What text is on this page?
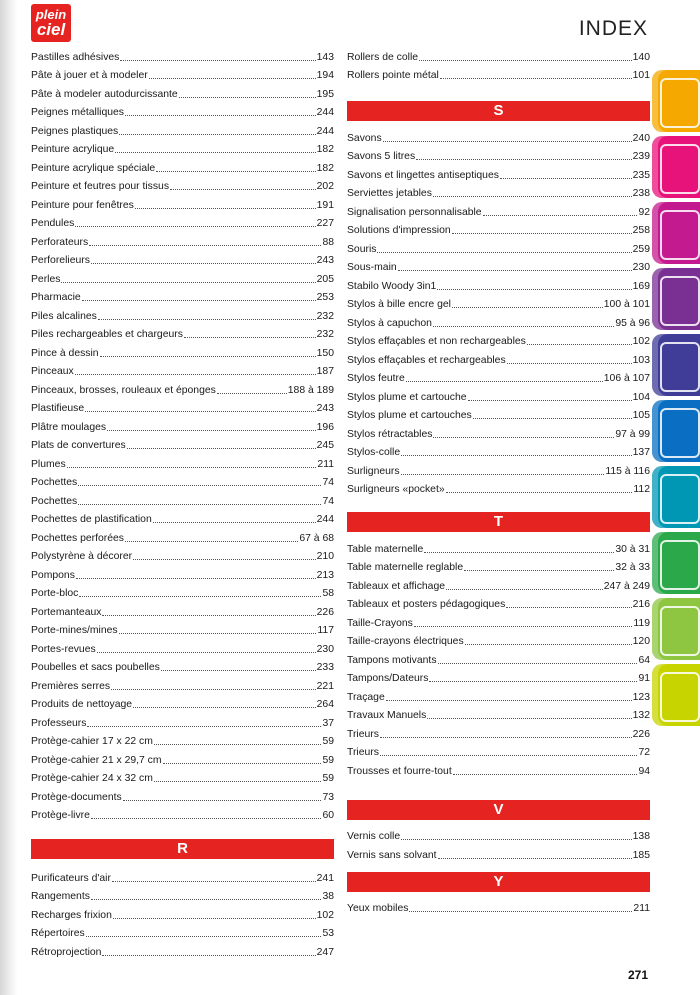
plein
ciel	INDEX
Pastilles adhésives	143
Pâte à jouer et à modeler	194
Pâte à modeler autodurcissante	195
Peignes métalliques	244
Peignes plastiques	244
Peinture acrylique	182
Peinture acrylique spéciale	182
Peinture et feutres pour tissus	202
Peinture pour fenêtres	191
Pendules	227
Perforateurs	88
Perforelieurs	243
Perles	205
Pharmacie	253
Piles alcalines	232
Piles rechargeables et chargeurs	232
Pince à dessin	150
Pinceaux	187
Pinceaux, brosses, rouleaux et éponges	188 à 189
Plastifieuse	243
Plâtre moulages	196
Plats de convertures	245
Plumes	211
Pochettes	74
Pochettes	74
Pochettes de plastification	244
Pochettes perforées	67 à 68
Polystyrène à décorer	210
Pompons	213
Porte-bloc	58
Portemanteaux	226
Porte-mines/mines	117
Portes-revues	230
Poubelles et sacs poubelles	233
Premières serres	221
Produits de nettoyage	264
Professeurs	37
Protège-cahier 17 x 22 cm	59
Protège-cahier 21 x 29,7 cm	59
Protège-cahier 24 x 32 cm	59
Protège-documents	73
Protège-livre	60
R
Purificateurs d'air	241
Rangements	38
Recharges frixion	102
Répertoires	53
Rétroprojection	247
Rollers de colle	140
Rollers pointe métal	101
S
Savons	240
Savons 5 litres	239
Savons et lingettes antiseptiques	235
Serviettes jetables	238
Signalisation personnalisable	92
Solutions d'impression	258
Souris	259
Sous-main	230
Stabilo Woody 3in1	169
Stylos à bille encre gel	100 à 101
Stylos à capuchon	95 à 96
Stylos effaçables et non rechargeables	102
Stylos effaçables et rechargeables	103
Stylos feutre	106 à 107
Stylos plume et cartouche	104
Stylos plume et cartouches	105
Stylos rétractables	97 à 99
Stylos-colle	137
Surligneurs	115 à 116
Surligneurs «pocket»	112
T
Table maternelle	30 à 31
Table maternelle reglable	32 à 33
Tableaux et affichage	247 à 249
Tableaux et posters pédagogiques	216
Taille-Crayons	119
Taille-crayons électriques	120
Tampons motivants	64
Tampons/Dateurs	91
Traçage	123
Travaux Manuels	132
Trieurs	226
Trieurs	72
Trousses et fourre-tout	94
V
Vernis colle	138
Vernis sans solvant	185
Y
Yeux mobiles	211
271
